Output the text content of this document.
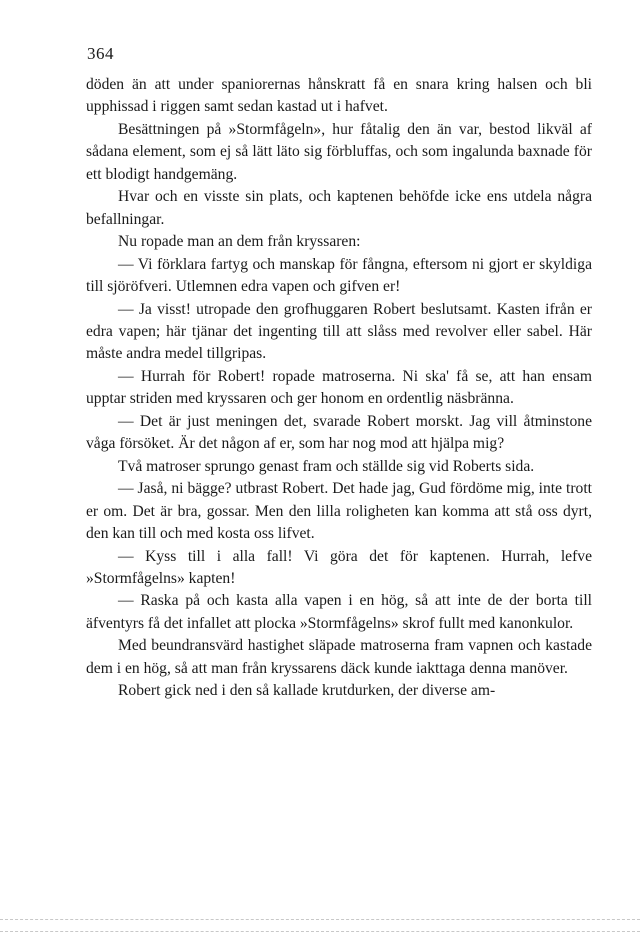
364

döden än att under spaniorernas hånskratt få en snara kring halsen och bli upphissad i riggen samt sedan kastad ut i hafvet.

Besättningen på »Stormfågeln», hur fåtalig den än var, bestod likväl af sådana element, som ej så lätt läto sig förbluffas, och som ingalunda baxnade för ett blodigt handgemäng.

Hvar och en visste sin plats, och kaptenen behöfde icke ens utdela några befallningar.

Nu ropade man an dem från kryssaren:

— Vi förklara fartyg och manskap för fångna, eftersom ni gjort er skyldiga till sjöröfveri. Utlemnen edra vapen och gifven er!

— Ja visst! utropade den grofhuggaren Robert beslutsamt. Kasten ifrån er edra vapen; här tjänar det ingenting till att slåss med revolver eller sabel. Här måste andra medel tillgripas.

— Hurrah för Robert! ropade matroserna. Ni ska' få se, att han ensam upptar striden med kryssaren och ger honom en ordentlig näsbränna.

— Det är just meningen det, svarade Robert morskt. Jag vill åtminstone våga försöket. Är det någon af er, som har nog mod att hjälpa mig?

Två matroser sprungo genast fram och ställde sig vid Roberts sida.

— Jaså, ni bägge? utbrast Robert. Det hade jag, Gud fördöme mig, inte trott er om. Det är bra, gossar. Men den lilla roligheten kan komma att stå oss dyrt, den kan till och med kosta oss lifvet.

— Kyss till i alla fall! Vi göra det för kaptenen. Hurrah, lefve »Stormfågelns» kapten!

— Raska på och kasta alla vapen i en hög, så att inte de der borta till äfventyrs få det infallet att plocka »Stormfågelns» skrof fullt med kanonkulor.

Med beundransvärd hastighet släpade matroserna fram vapnen och kastade dem i en hög, så att man från kryssarens däck kunde iakttaga denna manöver.

Robert gick ned i den så kallade krutdurken, der diverse am-
